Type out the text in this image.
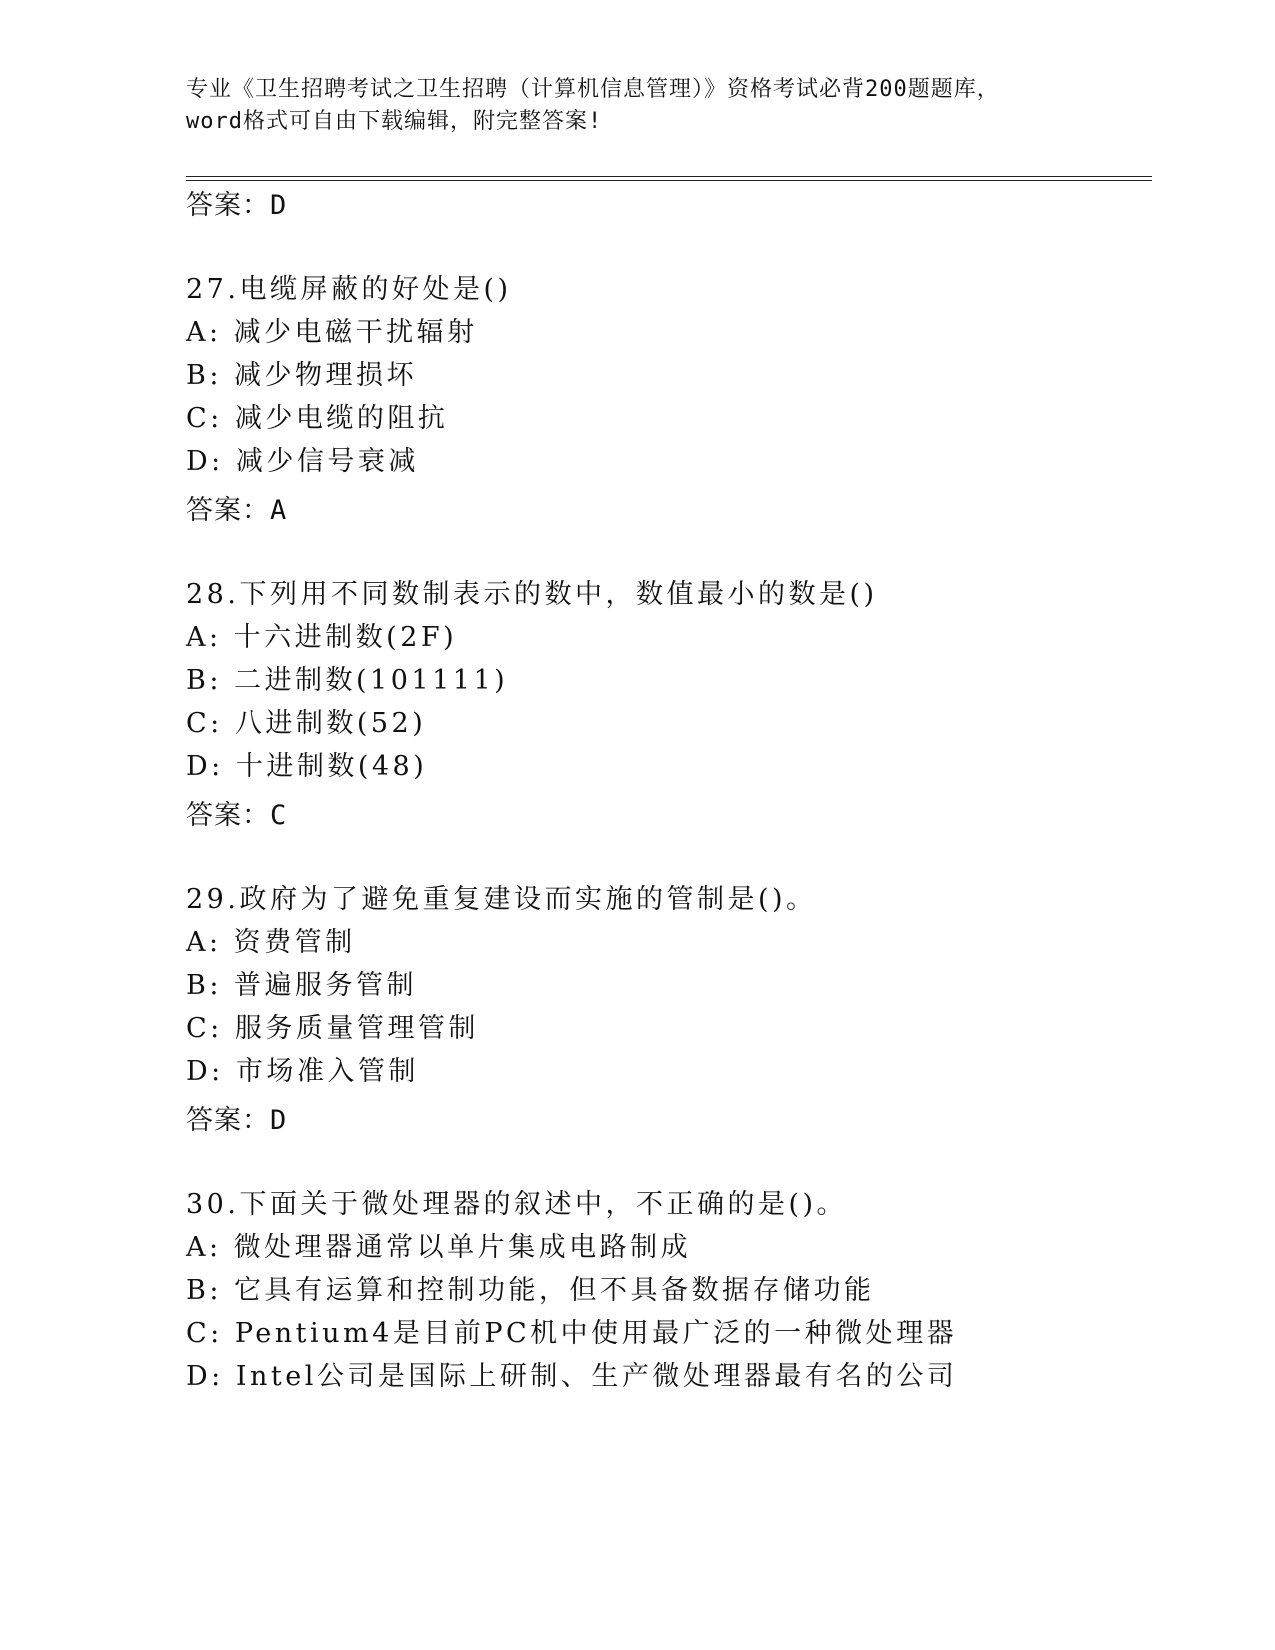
专业《卫生招聘考试之卫生招聘（计算机信息管理）》资格考试必背200题题库，
word格式可自由下载编辑，附完整答案!
答案：D
27.电缆屏蔽的好处是()
A: 减少电磁干扰辐射
B: 减少物理损坏
C: 减少电缆的阻抗
D: 减少信号衰减
答案：A
28.下列用不同数制表示的数中，数值最小的数是()
A: 十六进制数(2F)
B: 二进制数(101111)
C: 八进制数(52)
D: 十进制数(48)
答案：C
29.政府为了避免重复建设而实施的管制是()。
A: 资费管制
B: 普遍服务管制
C: 服务质量管理管制
D: 市场准入管制
答案：D
30.下面关于微处理器的叙述中，不正确的是()。
A: 微处理器通常以单片集成电路制成
B: 它具有运算和控制功能，但不具备数据存储功能
C: Pentium4是目前PC机中使用最广泛的一种微处理器
D: Intel公司是国际上研制、生产微处理器最有名的公司
